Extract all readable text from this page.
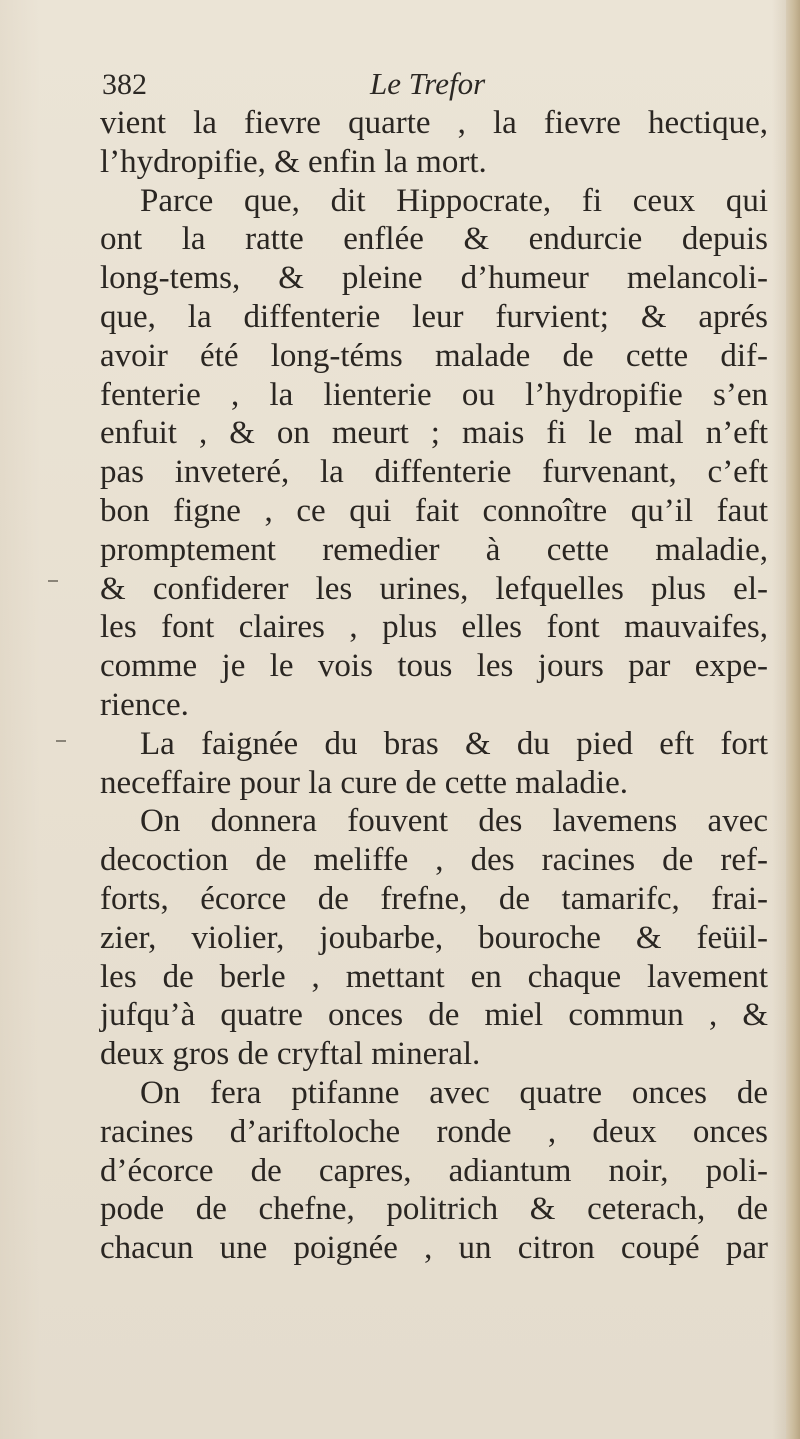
382	Le Trefor
vient la fievre quarte , la fievre hectique,
l’hydropifie, & enfin la mort.
Parce que, dit Hippocrate, fi ceux qui
ont la ratte enflée & endurcie depuis
long-tems, & pleine d’humeur melancoli-
que, la diffenterie leur furvient; & aprés
avoir été long-téms malade de cette dif-
fenterie , la lienterie ou l’hydropifie s’en
enfuit , & on meurt ; mais fi le mal n’eft
pas inveteré, la diffenterie furvenant, c’eft
bon figne , ce qui fait connoître qu’il faut
promptement remedier à cette maladie,
& confiderer les urines, lefquelles plus el-
les font claires , plus elles font mauvaifes,
comme je le vois tous les jours par expe-
rience.
La faignée du bras & du pied eft fort
neceffaire pour la cure de cette maladie.
On donnera fouvent des lavemens avec
decoction de meliffe , des racines de ref-
forts, écorce de frefne, de tamarifc, frai-
zier, violier, joubarbe, bouroche & feüil-
les de berle , mettant en chaque lavement
jufqu’à quatre onces de miel commun , &
deux gros de cryftal mineral.
On fera ptifanne avec quatre onces de
racines d’ariftoloche ronde , deux onces
d’écorce de capres, adiantum noir, poli-
pode de chefne, politrich & ceterach, de
chacun une poignée , un citron coupé par
